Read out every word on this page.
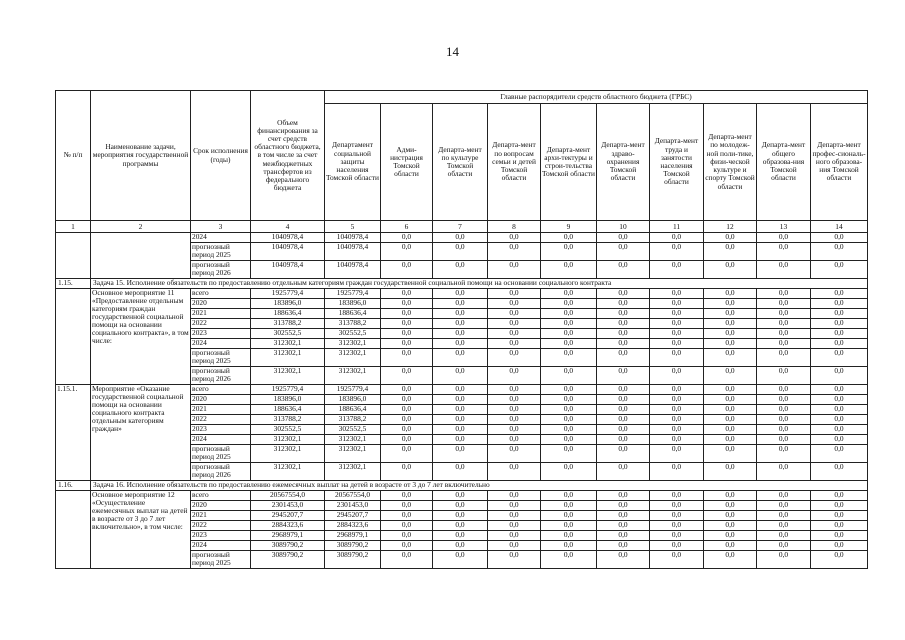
14
№ п/п	Наименование задачи, мероприятия государственной программы	Срок исполнения (годы)	Объем финансирования за счет средств областного бюджета, в том числе за счет межбюджетных трансфертов из федерального бюджета	Главные распорядители средств областного бюджета (ГРБС)									
				Департамент социальной защиты населения Томской области	Адми-нистрация Томской области	Департа-мент по культуре Томской области	Департа-мент по вопросам семьи и детей Томской области	Департа-мент архи-тектуры и строи-тельства Томской области	Департа-мент здраво-охранения Томской области	Департа-мент труда и занятости населения Томской области	Департа-мент по молодеж-ной поли-тике, физи-ческой культуре и спорту Томской области	Департа-мент общего образова-ния Томской области	Департа-мент профес-сиональ-ного образова-ния Томской области
1	2	3	4	5	6	7	8	9	10	11	12	13	14
		2024	1040978,4	1040978,4	0,0	0,0	0,0	0,0	0,0	0,0	0,0	0,0	0,0
		прогнозный период 2025	1040978,4	1040978,4	0,0	0,0	0,0	0,0	0,0	0,0	0,0	0,0	0,0
		прогнозный период 2026	1040978,4	1040978,4	0,0	0,0	0,0	0,0	0,0	0,0	0,0	0,0	0,0
1.15.	Задача 15. Исполнение обязательств по предоставлению отдельным категориям граждан государственной социальной помощи на основании социального контракта												
	Основное мероприятие 11 «Предоставление отдельным категориям граждан государственной социальной помощи на основании социального контракта», в том числе:	всего	1925779,4	1925779,4	0,0	0,0	0,0	0,0	0,0	0,0	0,0	0,0	0,0
		2020	183896,0	183896,0	0,0	0,0	0,0	0,0	0,0	0,0	0,0	0,0	0,0
		2021	188636,4	188636,4	0,0	0,0	0,0	0,0	0,0	0,0	0,0	0,0	0,0
		2022	313788,2	313788,2	0,0	0,0	0,0	0,0	0,0	0,0	0,0	0,0	0,0
		2023	302552,5	302552,5	0,0	0,0	0,0	0,0	0,0	0,0	0,0	0,0	0,0
		2024	312302,1	312302,1	0,0	0,0	0,0	0,0	0,0	0,0	0,0	0,0	0,0
		прогнозный период 2025	312302,1	312302,1	0,0	0,0	0,0	0,0	0,0	0,0	0,0	0,0	0,0
		прогнозный период 2026	312302,1	312302,1	0,0	0,0	0,0	0,0	0,0	0,0	0,0	0,0	0,0
1.15.1.	Мероприятие «Оказание государственной социальной помощи на основании социального контракта отдельным категориям граждан»	всего	1925779,4	1925779,4	0,0	0,0	0,0	0,0	0,0	0,0	0,0	0,0	0,0
		2020	183896,0	183896,0	0,0	0,0	0,0	0,0	0,0	0,0	0,0	0,0	0,0
		2021	188636,4	188636,4	0,0	0,0	0,0	0,0	0,0	0,0	0,0	0,0	0,0
		2022	313788,2	313788,2	0,0	0,0	0,0	0,0	0,0	0,0	0,0	0,0	0,0
		2023	302552,5	302552,5	0,0	0,0	0,0	0,0	0,0	0,0	0,0	0,0	0,0
		2024	312302,1	312302,1	0,0	0,0	0,0	0,0	0,0	0,0	0,0	0,0	0,0
		прогнозный период 2025	312302,1	312302,1	0,0	0,0	0,0	0,0	0,0	0,0	0,0	0,0	0,0
		прогнозный период 2026	312302,1	312302,1	0,0	0,0	0,0	0,0	0,0	0,0	0,0	0,0	0,0
1.16.	Задача 16. Исполнение обязательств по предоставлению ежемесячных выплат на детей в возрасте от 3 до 7 лет включительно												
	Основное мероприятие 12 «Осуществление ежемесячных выплат на детей в возрасте от 3 до 7 лет включительно», в том числе:	всего	20567554,0	20567554,0	0,0	0,0	0,0	0,0	0,0	0,0	0,0	0,0	0,0
		2020	2301453,0	2301453,0	0,0	0,0	0,0	0,0	0,0	0,0	0,0	0,0	0,0
		2021	2945207,7	2945207,7	0,0	0,0	0,0	0,0	0,0	0,0	0,0	0,0	0,0
		2022	2884323,6	2884323,6	0,0	0,0	0,0	0,0	0,0	0,0	0,0	0,0	0,0
		2023	2968979,1	2968979,1	0,0	0,0	0,0	0,0	0,0	0,0	0,0	0,0	0,0
		2024	3089790,2	3089790,2	0,0	0,0	0,0	0,0	0,0	0,0	0,0	0,0	0,0
		прогнозный период 2025	3089790,2	3089790,2	0,0	0,0	0,0	0,0	0,0	0,0	0,0	0,0	0,0
